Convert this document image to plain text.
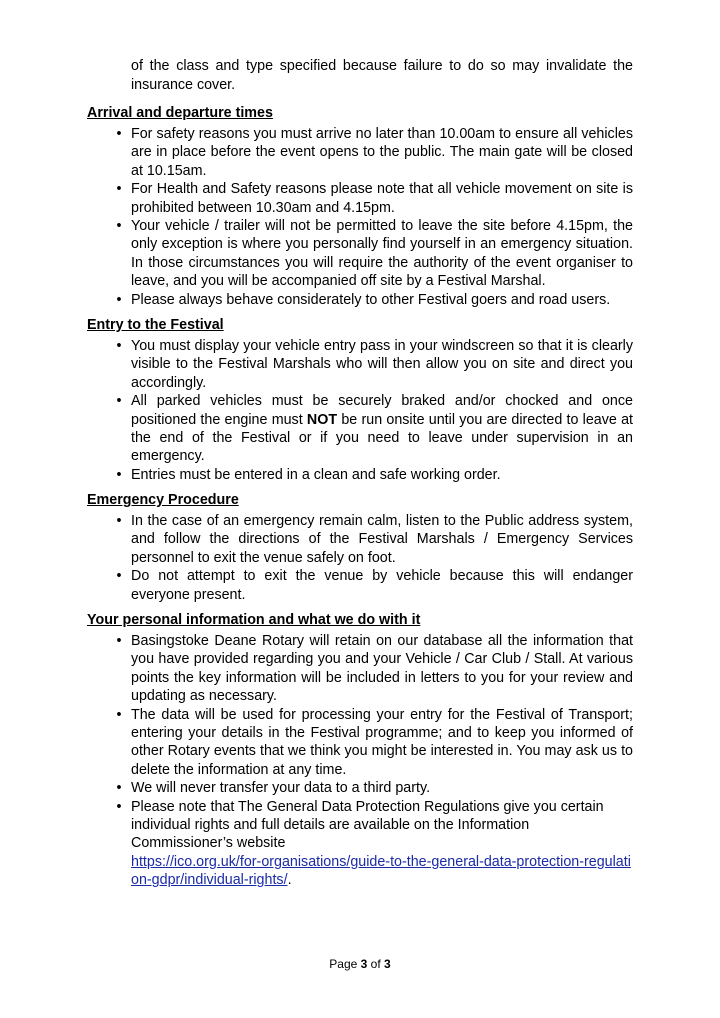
of the class and type specified because failure to do so may invalidate the insurance cover.

Arrival and departure times

• For safety reasons you must arrive no later than 10.00am to ensure all vehicles are in place before the event opens to the public. The main gate will be closed at 10.15am.
• For Health and Safety reasons please note that all vehicle movement on site is prohibited between 10.30am and 4.15pm.
• Your vehicle / trailer will not be permitted to leave the site before 4.15pm, the only exception is where you personally find yourself in an emergency situation. In those circumstances you will require the authority of the event organiser to leave, and you will be accompanied off site by a Festival Marshal.
• Please always behave considerately to other Festival goers and road users.

Entry to the Festival

• You must display your vehicle entry pass in your windscreen so that it is clearly visible to the Festival Marshals who will then allow you on site and direct you accordingly.
• All parked vehicles must be securely braked and/or chocked and once positioned the engine must NOT be run onsite until you are directed to leave at the end of the Festival or if you need to leave under supervision in an emergency.
• Entries must be entered in a clean and safe working order.

Emergency Procedure

• In the case of an emergency remain calm, listen to the Public address system, and follow the directions of the Festival Marshals / Emergency Services personnel to exit the venue safely on foot.
• Do not attempt to exit the venue by vehicle because this will endanger everyone present.

Your personal information and what we do with it

• Basingstoke Deane Rotary will retain on our database all the information that you have provided regarding you and your Vehicle / Car Club / Stall. At various points the key information will be included in letters to you for your review and updating as necessary.
• The data will be used for processing your entry for the Festival of Transport; entering your details in the Festival programme; and to keep you informed of other Rotary events that we think you might be interested in. You may ask us to delete the information at any time.
• We will never transfer your data to a third party.
• Please note that The General Data Protection Regulations give you certain individual rights and full details are available on the Information Commissioner’s website
https://ico.org.uk/for-organisations/guide-to-the-general-data-protection-regulation-gdpr/individual-rights/.
Page 3 of 3
